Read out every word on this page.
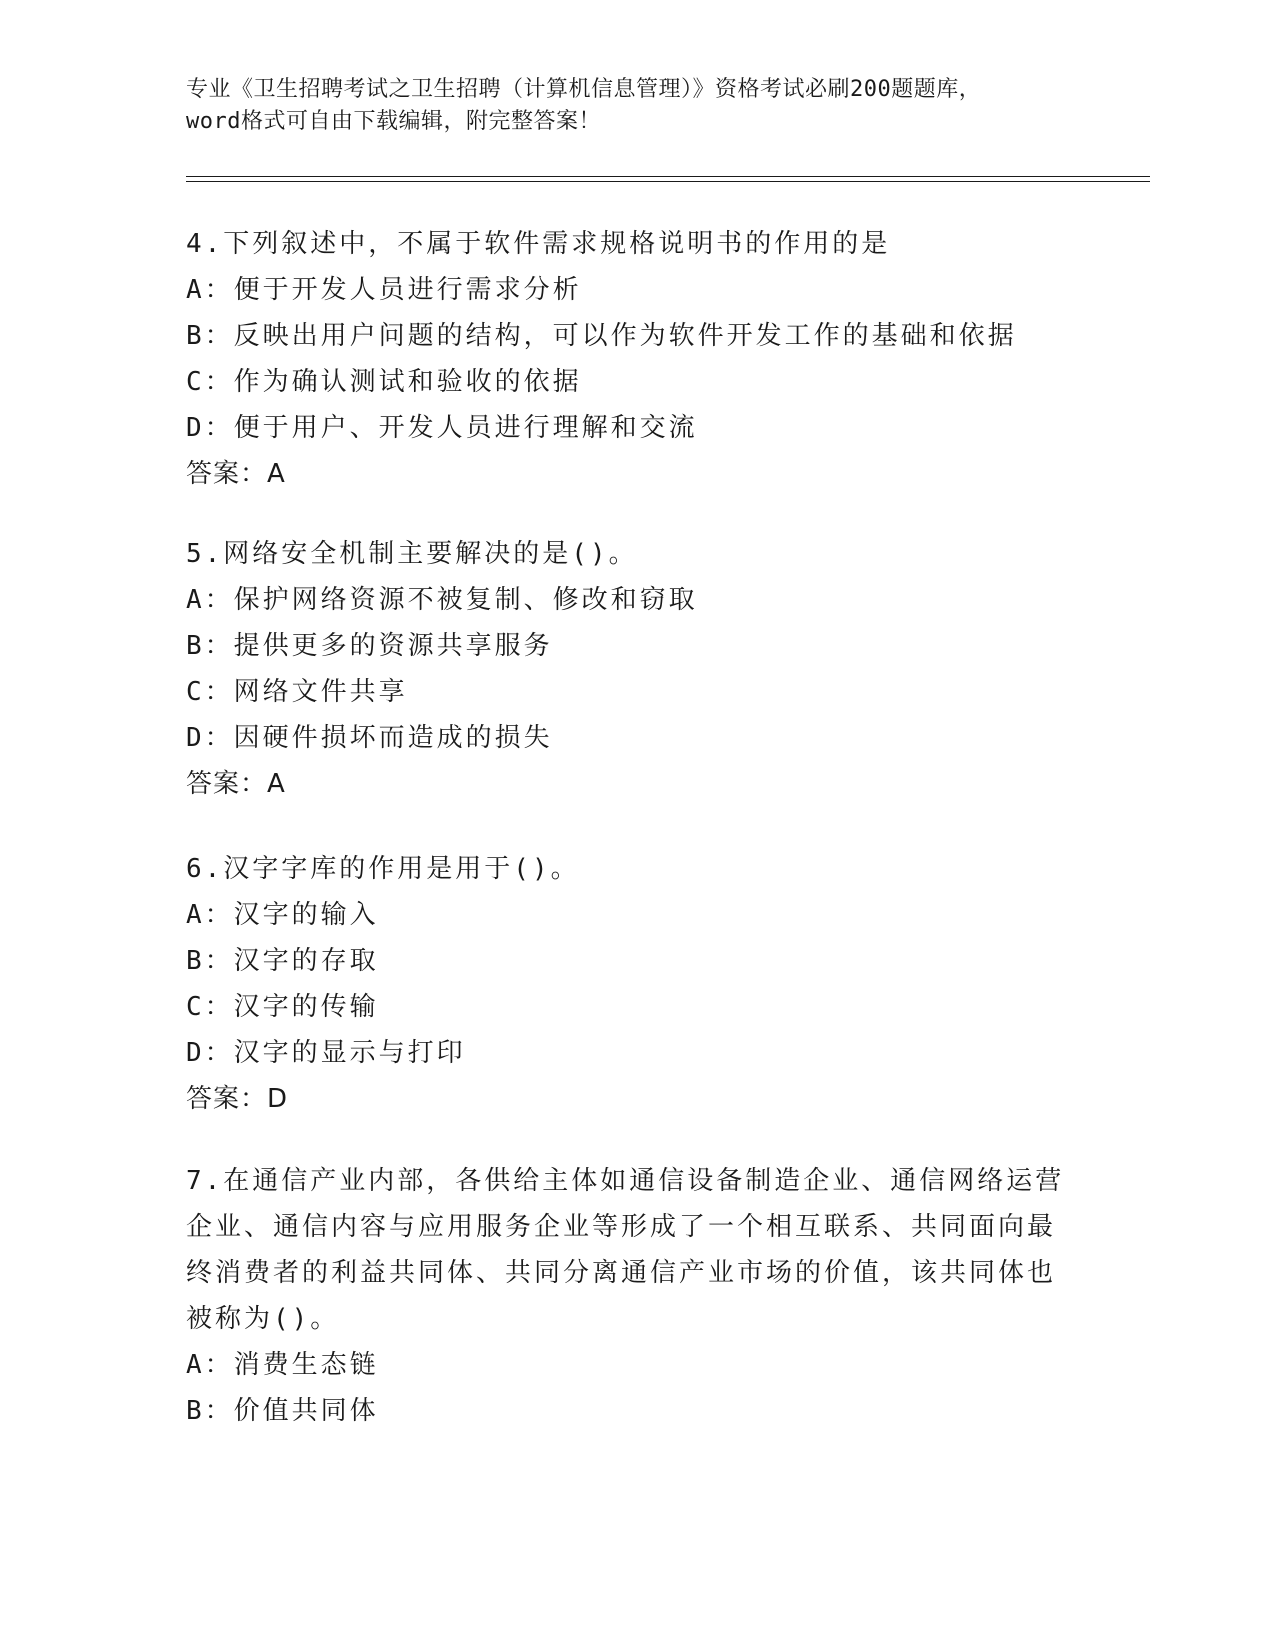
专业《卫生招聘考试之卫生招聘（计算机信息管理）》资格考试必刷200题题库，
word格式可自由下载编辑，附完整答案！
4.下列叙述中，不属于软件需求规格说明书的作用的是
A：便于开发人员进行需求分析
B：反映出用户问题的结构，可以作为软件开发工作的基础和依据
C：作为确认测试和验收的依据
D：便于用户、开发人员进行理解和交流
答案：A
5.网络安全机制主要解决的是()。
A：保护网络资源不被复制、修改和窃取
B：提供更多的资源共享服务
C：网络文件共享
D：因硬件损坏而造成的损失
答案：A
6.汉字字库的作用是用于()。
A：汉字的输入
B：汉字的存取
C：汉字的传输
D：汉字的显示与打印
答案：D
7.在通信产业内部，各供给主体如通信设备制造企业、通信网络运营
企业、通信内容与应用服务企业等形成了一个相互联系、共同面向最
终消费者的利益共同体、共同分离通信产业市场的价值，该共同体也
被称为()。
A：消费生态链
B：价值共同体
